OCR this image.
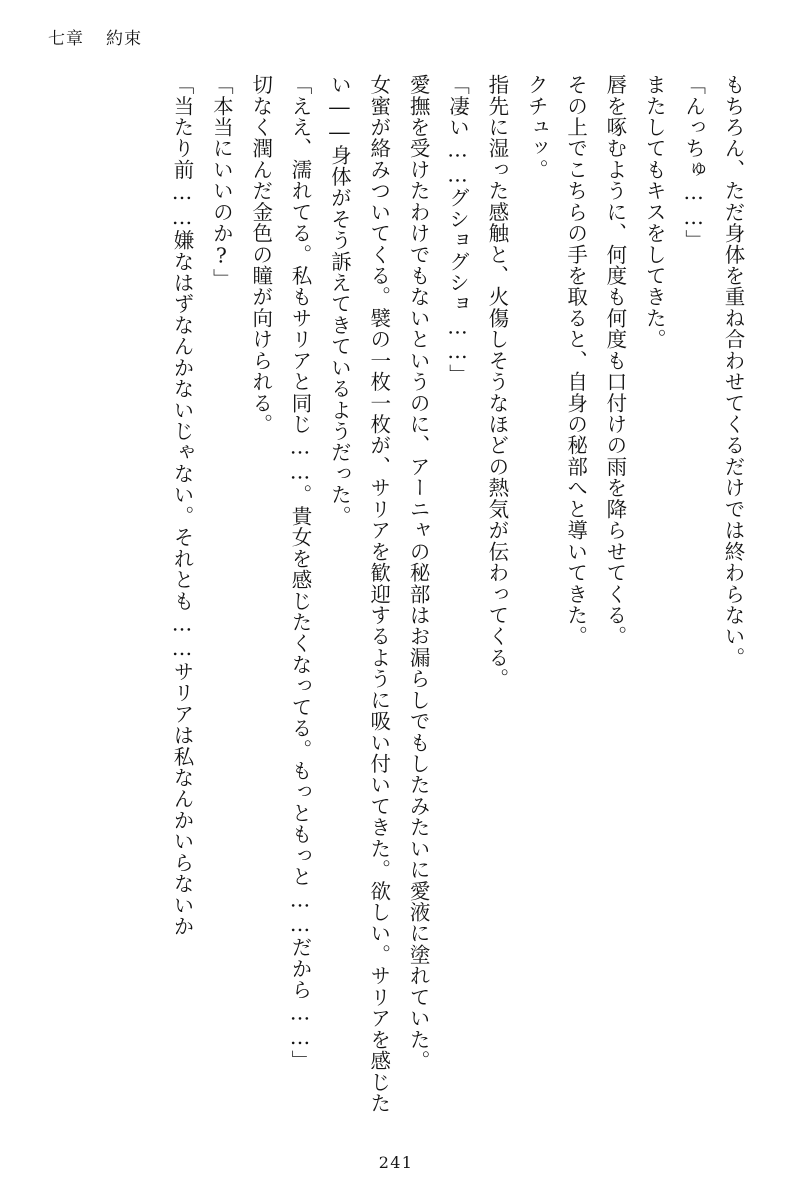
七章 約束

もちろん、ただ身体を重ね合わせてくるだけでは終わらない。

「んっちゅ……」

またしてもキスをしてきた。

唇を啄むように、何度も何度も口付けの雨を降らせてくる。

その上でこちらの手を取ると、自身の秘部へと導いてきた。

クチュッ。

指先に湿った感触と、火傷しそうなほどの熱気が伝わってくる。

「凄い……グショグショ……」

愛撫を受けたわけでもないというのに、アーニャの秘部はお漏らしでもしたみたいに愛液に塗れていた。

女蜜が絡みついてくる。襞の一枚一枚が、サリアを歓迎するように吸い付いてきた。欲しい。サリアを感じたい――身体がそう訴えてきているようだった。

「ええ、濡れてる。私もサリアと同じ……。貴女を感じたくなってる。もっともっと……だから……」

切なく潤んだ金色の瞳が向けられる。

「本当にいいのか?」

「当たり前……嫌なはずなんかないじゃない。それとも……サリアは私なんかいらないか

241
